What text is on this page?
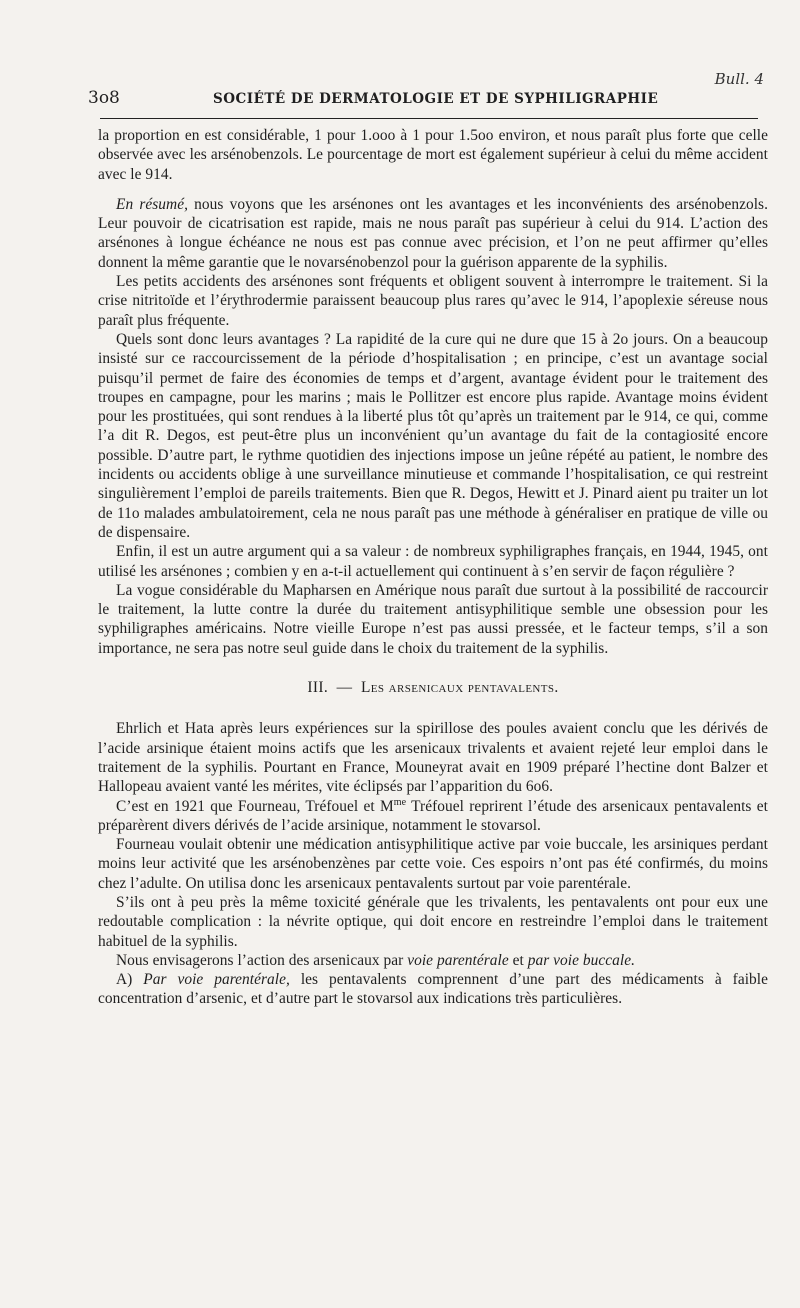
Bull. 4
3o8	SOCIÉTÉ DE DERMATOLOGIE ET DE SYPHILIGRAPHIE

la proportion en est considérable, 1 pour 1.ooo à 1 pour 1.5oo environ, et nous paraît plus forte que celle observée avec les arsénobenzols. Le pourcentage de mort est également supérieur à celui du même accident avec le 914.

En résumé, nous voyons que les arsénones ont les avantages et les inconvénients des arsénobenzols. Leur pouvoir de cicatrisation est rapide, mais ne nous paraît pas supérieur à celui du 914. L’action des arsénones à longue échéance ne nous est pas connue avec précision, et l’on ne peut affirmer qu’elles donnent la même garantie que le novarsénobenzol pour la guérison apparente de la syphilis.

Les petits accidents des arsénones sont fréquents et obligent souvent à interrompre le traitement. Si la crise nitritoïde et l’érythrodermie paraissent beaucoup plus rares qu’avec le 914, l’apoplexie séreuse nous paraît plus fréquente.

Quels sont donc leurs avantages ? La rapidité de la cure qui ne dure que 15 à 2o jours. On a beaucoup insisté sur ce raccourcissement de la période d’hospitalisation ; en principe, c’est un avantage social puisqu’il permet de faire des économies de temps et d’argent, avantage évident pour le traitement des troupes en campagne, pour les marins ; mais le Pollitzer est encore plus rapide. Avantage moins évident pour les prostituées, qui sont rendues à la liberté plus tôt qu’après un traitement par le 914, ce qui, comme l’a dit R. Degos, est peut-être plus un inconvénient qu’un avantage du fait de la contagiosité encore possible. D’autre part, le rythme quotidien des injections impose un jeûne répété au patient, le nombre des incidents ou accidents oblige à une surveillance minutieuse et commande l’hospitalisation, ce qui restreint singulièrement l’emploi de pareils traitements. Bien que R. Degos, Hewitt et J. Pinard aient pu traiter un lot de 11o malades ambulatoirement, cela ne nous paraît pas une méthode à généraliser en pratique de ville ou de dispensaire.

Enfin, il est un autre argument qui a sa valeur : de nombreux syphiligraphes français, en 1944, 1945, ont utilisé les arsénones ; combien y en a-t-il actuellement qui continuent à s’en servir de façon régulière ?

La vogue considérable du Mapharsen en Amérique nous paraît due surtout à la possibilité de raccourcir le traitement, la lutte contre la durée du traitement antisyphilitique semble une obsession pour les syphiligraphes américains. Notre vieille Europe n’est pas aussi pressée, et le facteur temps, s’il a son importance, ne sera pas notre seul guide dans le choix du traitement de la syphilis.

III. — Les arsenicaux pentavalents.

Ehrlich et Hata après leurs expériences sur la spirillose des poules avaient conclu que les dérivés de l’acide arsinique étaient moins actifs que les arsenicaux trivalents et avaient rejeté leur emploi dans le traitement de la syphilis. Pourtant en France, Mouneyrat avait en 1909 préparé l’hectine dont Balzer et Hallopeau avaient vanté les mérites, vite éclipsés par l’apparition du 6o6.

C’est en 1921 que Fourneau, Tréfouel et $M^{me}$ Tréfouel reprirent l’étude des arsenicaux pentavalents et préparèrent divers dérivés de l’acide arsinique, notamment le stovarsol.

Fourneau voulait obtenir une médication antisyphilitique active par voie buccale, les arsiniques perdant moins leur activité que les arsénobenzènes par cette voie. Ces espoirs n’ont pas été confirmés, du moins chez l’adulte. On utilisa donc les arsenicaux pentavalents surtout par voie parentérale.

S’ils ont à peu près la même toxicité générale que les trivalents, les pentavalents ont pour eux une redoutable complication : la névrite optique, qui doit encore en restreindre l’emploi dans le traitement habituel de la syphilis.

Nous envisagerons l’action des arsenicaux par voie parentérale et par voie buccale.

A) Par voie parentérale, les pentavalents comprennent d’une part des médicaments à faible concentration d’arsenic, et d’autre part le stovarsol aux indications très particulières.
